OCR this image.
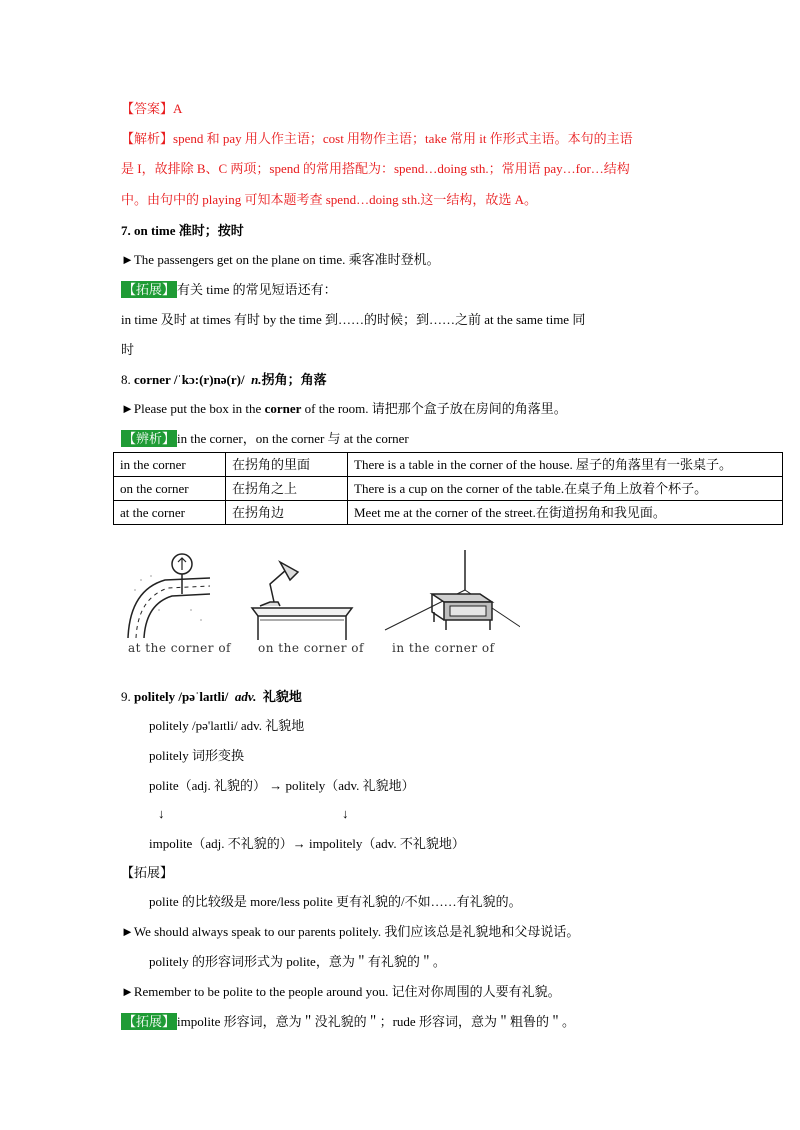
【答案】A
【解析】spend 和 pay 用人作主语；cost 用物作主语；take 常用 it 作形式主语。本句的主语
是 I，故排除 B、C 两项；spend 的常用搭配为：spend…doing sth.；常用语 pay…for…结构
中。由句中的 playing 可知本题考查 spend…doing sth.这一结构，故选 A。
7. on time 准时；按时
►The passengers get on the plane on time. 乘客准时登机。
【拓展】 有关 time 的常见短语还有：
in time 及时 at times 有时 by the time 到……的时候；到……之前 at the same time 同
时
8. corner /ˈkɔ:(r)nə(r)/ n.拐角；角落
►Please put the box in the corner of the room. 请把那个盒子放在房间的角落里。
【辨析】 in the corner，on the corner 与 at the corner
in the corner	在拐角的里面	There is a table in the corner of the house. 屋子的角落里有一张桌子。
on the corner	在拐角之上	There is a cup on the corner of the table.在桌子角上放着个杯子。
at the corner	在拐角边	Meet me at the corner of the street.在街道拐角和我见面。
at the corner of on the corner of in the corner of
9. politely /pəˈlaɪtli/ adv. 礼貌地
politely /pə'laɪtli/ adv. 礼貌地
politely 词形变换
polite（adj. 礼貌的） → politely（adv. 礼貌地）
↓	↓
impolite（adj. 不礼貌的）→ impolitely（adv. 不礼貌地）
【拓展】
polite 的比较级是 more/less polite 更有礼貌的/不如……有礼貌的。
►We should always speak to our parents politely. 我们应该总是礼貌地和父母说话。
politely 的形容词形式为 polite，意为＂有礼貌的＂。
►Remember to be polite to the people around you. 记住对你周围的人要有礼貌。
【拓展】 impolite 形容词，意为＂没礼貌的＂；rude 形容词，意为＂粗鲁的＂。
